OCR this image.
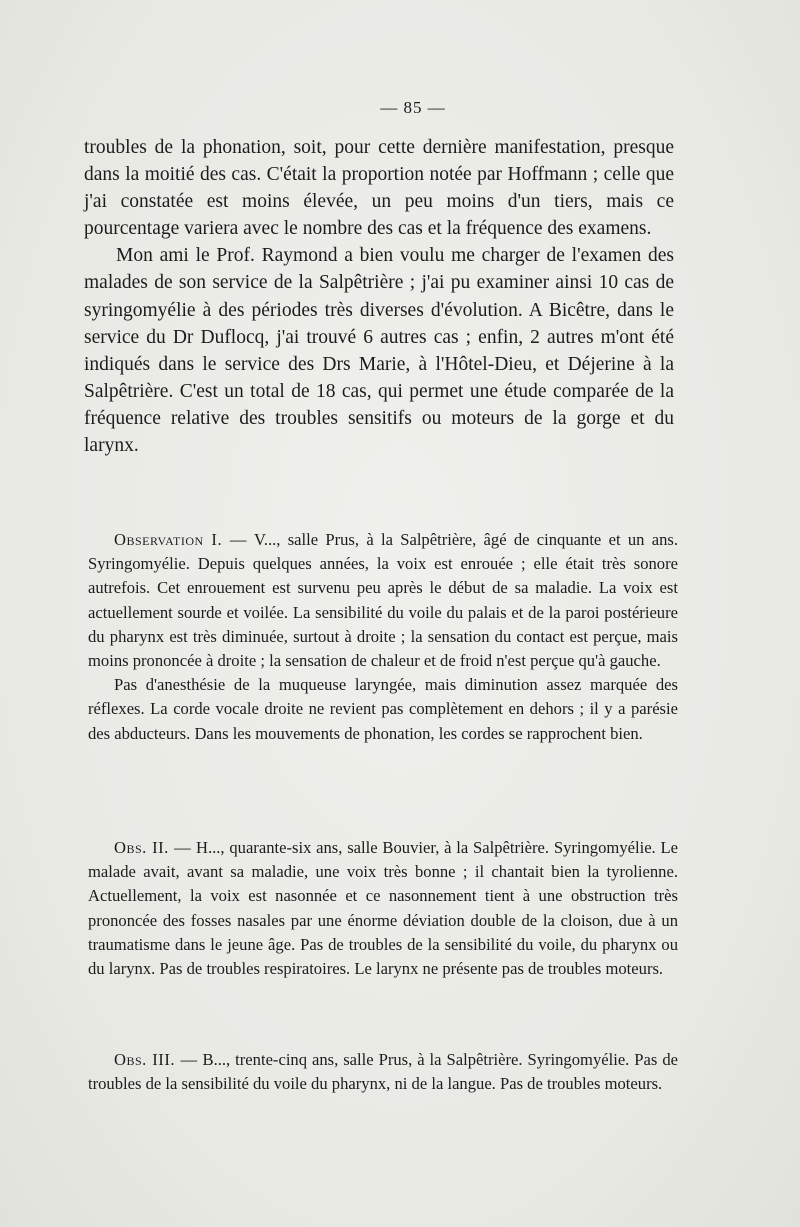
— 85 —

troubles de la phonation, soit, pour cette dernière manifestation, presque dans la moitié des cas. C'était la proportion notée par Hoffmann ; celle que j'ai constatée est moins élevée, un peu moins d'un tiers, mais ce pourcentage variera avec le nombre des cas et la fréquence des examens.

Mon ami le Prof. Raymond a bien voulu me charger de l'examen des malades de son service de la Salpêtrière ; j'ai pu examiner ainsi 10 cas de syringomyélie à des périodes très diverses d'évolution. A Bicêtre, dans le service du Dr Duflocq, j'ai trouvé 6 autres cas ; enfin, 2 autres m'ont été indiqués dans le service des Drs Marie, à l'Hôtel-Dieu, et Déjerine à la Salpêtrière. C'est un total de 18 cas, qui permet une étude comparée de la fréquence relative des troubles sensitifs ou moteurs de la gorge et du larynx.

Observation I. — V..., salle Prus, à la Salpêtrière, âgé de cinquante et un ans. Syringomyélie. Depuis quelques années, la voix est enrouée ; elle était très sonore autrefois. Cet enrouement est survenu peu après le début de sa maladie. La voix est actuellement sourde et voilée. La sensibilité du voile du palais et de la paroi postérieure du pharynx est très diminuée, surtout à droite ; la sensation du contact est perçue, mais moins prononcée à droite ; la sensation de chaleur et de froid n'est perçue qu'à gauche.

Pas d'anesthésie de la muqueuse laryngée, mais diminution assez marquée des réflexes. La corde vocale droite ne revient pas complètement en dehors ; il y a parésie des abducteurs. Dans les mouvements de phonation, les cordes se rapprochent bien.

Obs. II. — H..., quarante-six ans, salle Bouvier, à la Salpêtrière. Syringomyélie. Le malade avait, avant sa maladie, une voix très bonne ; il chantait bien la tyrolienne. Actuellement, la voix est nasonnée et ce nasonnement tient à une obstruction très prononcée des fosses nasales par une énorme déviation double de la cloison, due à un traumatisme dans le jeune âge. Pas de troubles de la sensibilité du voile, du pharynx ou du larynx. Pas de troubles respiratoires. Le larynx ne présente pas de troubles moteurs.

Obs. III. — B..., trente-cinq ans, salle Prus, à la Salpêtrière. Syringomyélie. Pas de troubles de la sensibilité du voile du pharynx, ni de la langue. Pas de troubles moteurs.
